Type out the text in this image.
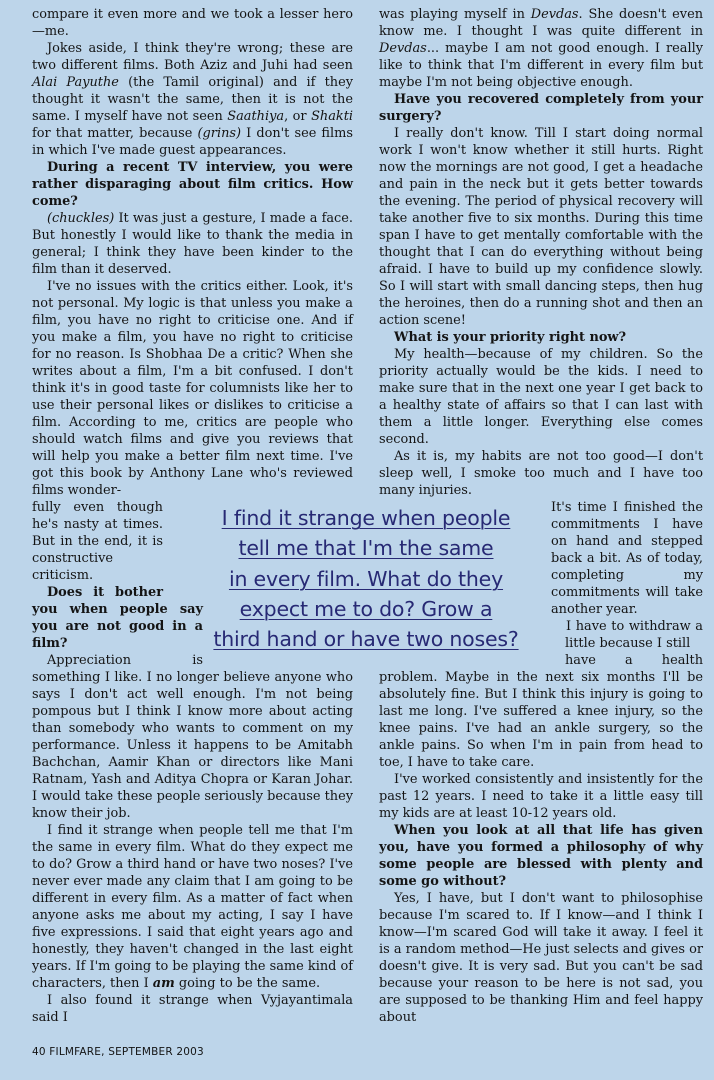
compare it even more and we took a lesser hero—me.

Jokes aside, I think they're wrong; these are two different films. Both Aziz and Juhi had seen Alai Payuthe (the Tamil original) and if they thought it wasn't the same, then it is not the same. I myself have not seen Saathiya, or Shakti for that matter, because (grins) I don't see films in which I've made guest appearances.

During a recent TV interview, you were rather disparaging about film critics. How come?

(chuckles) It was just a gesture, I made a face. But honestly I would like to thank the media in general; I think they have been kinder to the film than it deserved.

I've no issues with the critics either. Look, it's not personal. My logic is that unless you make a film, you have no right to criticise one. And if you make a film, you have no right to criticise for no reason. Is Shobhaa De a critic? When she writes about a film, I'm a bit confused. I don't think it's in good taste for columnists like her to use their personal likes or dislikes to criticise a film. According to me, critics are people who should watch films and give you reviews that will help you make a better film next time. I've got this book by Anthony Lane who's reviewed films wonder-

fully even though he's nasty at times. But in the end, it is constructive criticism.

Does it bother you when people say you are not good in a film?

Appreciation is something I like. I no longer believe anyone who says I don't act well enough. I'm not being pompous but I think I know more about acting than somebody who wants to comment on my performance. Unless it happens to be Amitabh Bachchan, Aamir Khan or directors like Mani Ratnam, Yash and Aditya Chopra or Karan Johar. I would take these people seriously because they know their job.

I find it strange when people tell me that I'm the same in every film. What do they expect me to do? Grow a third hand or have two noses? I've never ever made any claim that I am going to be different in every film. As a matter of fact when anyone asks me about my acting, I say I have five expressions. I said that eight years ago and honestly, they haven't changed in the last eight years. If I'm going to be playing the same kind of characters, then I am going to be the same.

I also found it strange when Vyjayantimala said I

was playing myself in Devdas. She doesn't even know me. I thought I was quite different in Devdas... maybe I am not good enough. I really like to think that I'm different in every film but maybe I'm not being objective enough.

Have you recovered completely from your surgery?

I really don't know. Till I start doing normal work I won't know whether it still hurts. Right now the mornings are not good, I get a headache and pain in the neck but it gets better towards the evening. The period of physical recovery will take another five to six months. During this time span I have to get mentally comfortable with the thought that I can do everything without being afraid. I have to build up my confidence slowly. So I will start with small dancing steps, then hug the heroines, then do a running shot and then an action scene!

What is your priority right now?

My health—because of my children. So the priority actually would be the kids. I need to make sure that in the next one year I get back to a healthy state of affairs so that I can last with them a little longer. Everything else comes second.

As it is, my habits are not too good—I don't sleep well, I smoke too much and I have too many injuries.

It's time I finished the commitments I have on hand and stepped back a bit. As of today, completing my commitments will take another year.

I have to withdraw a little because I still

have a health problem. Maybe in the next six months I'll be absolutely fine. But I think this injury is going to last me long. I've suffered a knee injury, so the knee pains. I've had an ankle surgery, so the ankle pains. So when I'm in pain from head to toe, I have to take care.

I've worked consistently and insistently for the past 12 years. I need to take it a little easy till my kids are at least 10-12 years old.

When you look at all that life has given you, have you formed a philosophy of why some people are blessed with plenty and some go without?

Yes, I have, but I don't want to philosophise because I'm scared to. If I know—and I think I know—I'm scared God will take it away. I feel it is a random method—He just selects and gives or doesn't give. It is very sad. But you can't be sad because your reason to be here is not sad, you are supposed to be thanking Him and feel happy about

I find it strange when people
tell me that I'm the same
in every film. What do they
expect me to do? Grow a
third hand or have two noses?
40 FILMFARE, SEPTEMBER 2003
